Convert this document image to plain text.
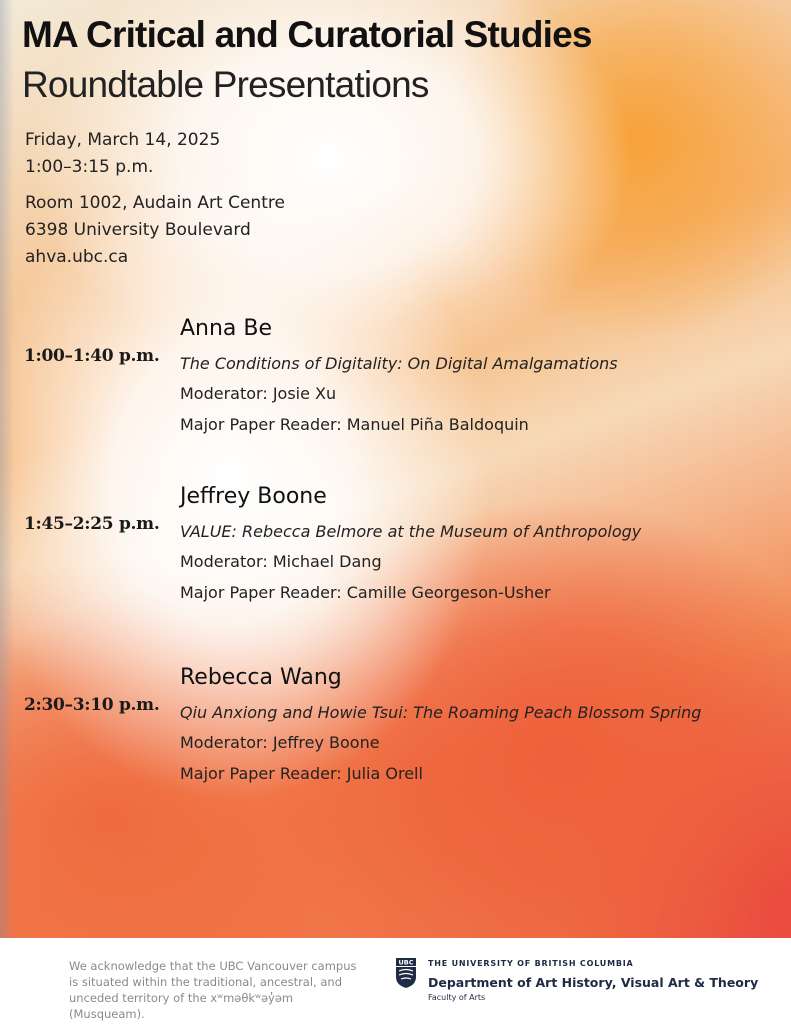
MA Critical and Curatorial Studies
Roundtable Presentations
Friday, March 14, 2025
1:00–3:15 p.m.
Room 1002, Audain Art Centre
6398 University Boulevard
ahva.ubc.ca
1:00–1:40 p.m.
Anna Be
The Conditions of Digitality: On Digital Amalgamations
Moderator: Josie Xu
Major Paper Reader: Manuel Piña Baldoquin
1:45–2:25 p.m.
Jeffrey Boone
VALUE: Rebecca Belmore at the Museum of Anthropology
Moderator: Michael Dang
Major Paper Reader: Camille Georgeson-Usher
2:30–3:10 p.m.
Rebecca Wang
Qiu Anxiong and Howie Tsui: The Roaming Peach Blossom Spring
Moderator: Jeffrey Boone
Major Paper Reader: Julia Orell
We acknowledge that the UBC Vancouver campus is situated within the traditional, ancestral, and unceded territory of the xʷməθkʷəy̓əm (Musqueam).
UBC THE UNIVERSITY OF BRITISH COLUMBIA
Department of Art History, Visual Art & Theory
Faculty of Arts
